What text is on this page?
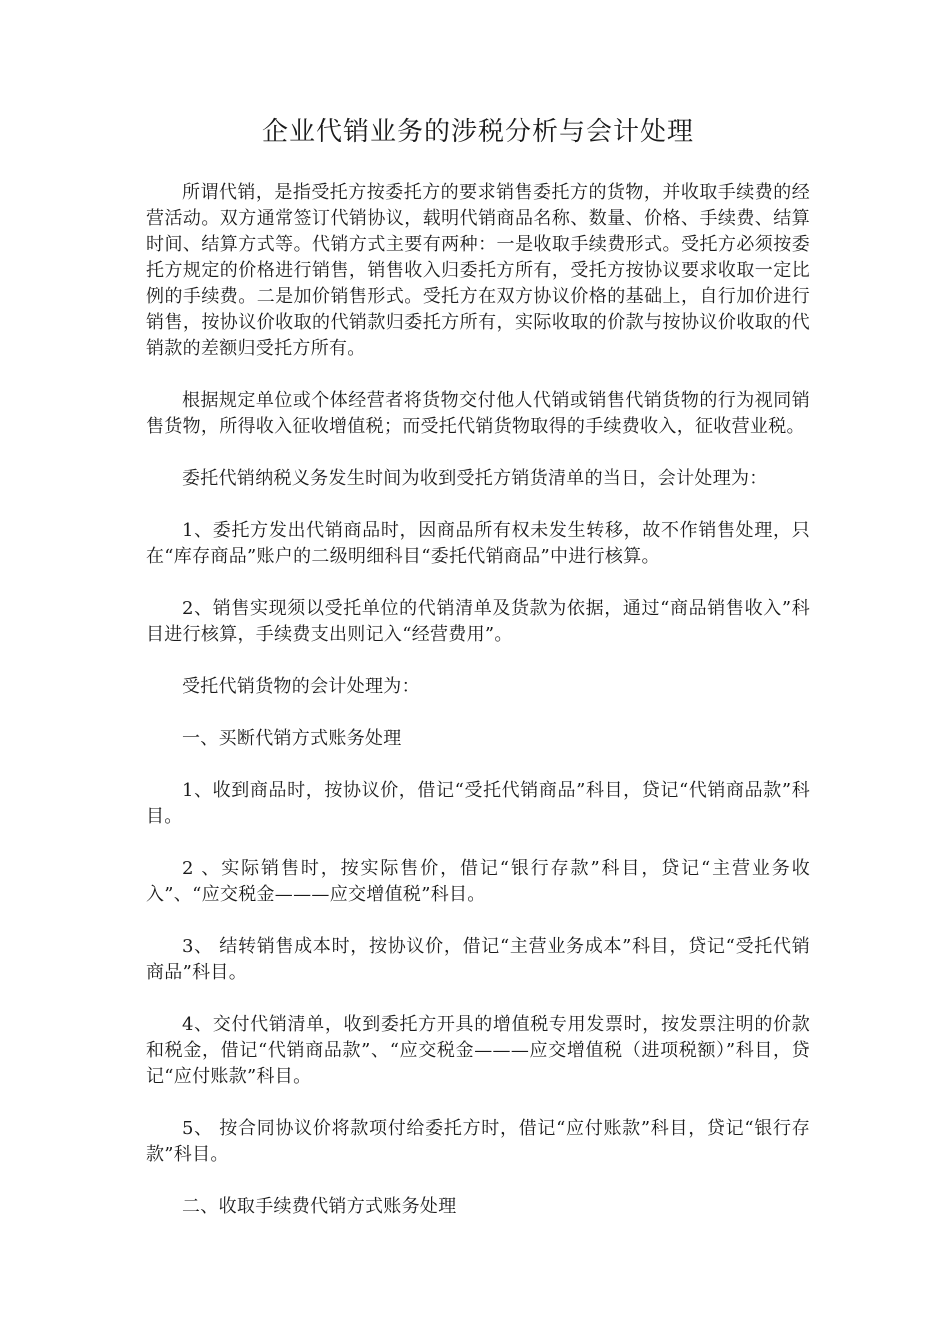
企业代销业务的涉税分析与会计处理

所谓代销，是指受托方按委托方的要求销售委托方的货物，并收取手续费的经营活动。双方通常签订代销协议，载明代销商品名称、数量、价格、手续费、结算时间、结算方式等。代销方式主要有两种：一是收取手续费形式。受托方必须按委托方规定的价格进行销售，销售收入归委托方所有，受托方按协议要求收取一定比例的手续费。二是加价销售形式。受托方在双方协议价格的基础上，自行加价进行销售，按协议价收取的代销款归委托方所有，实际收取的价款与按协议价收取的代销款的差额归受托方所有。

根据规定单位或个体经营者将货物交付他人代销或销售代销货物的行为视同销售货物，所得收入征收增值税；而受托代销货物取得的手续费收入，征收营业税。

委托代销纳税义务发生时间为收到受托方销货清单的当日，会计处理为：

1、委托方发出代销商品时，因商品所有权未发生转移，故不作销售处理，只在“库存商品”账户的二级明细科目“委托代销商品”中进行核算。

2、销售实现须以受托单位的代销清单及货款为依据，通过“商品销售收入”科目进行核算，手续费支出则记入“经营费用”。

受托代销货物的会计处理为：

一、买断代销方式账务处理

1、收到商品时，按协议价，借记“受托代销商品”科目，贷记“代销商品款”科目。

2 、实际销售时，按实际售价，借记“银行存款”科目，贷记“主营业务收入”、“应交税金———应交增值税”科目。

3、 结转销售成本时，按协议价，借记“主营业务成本”科目，贷记“受托代销商品”科目。

4、交付代销清单，收到委托方开具的增值税专用发票时，按发票注明的价款和税金，借记“代销商品款”、“应交税金———应交增值税（进项税额）”科目，贷记“应付账款”科目。

5、 按合同协议价将款项付给委托方时，借记“应付账款”科目，贷记“银行存款”科目。

二、收取手续费代销方式账务处理
